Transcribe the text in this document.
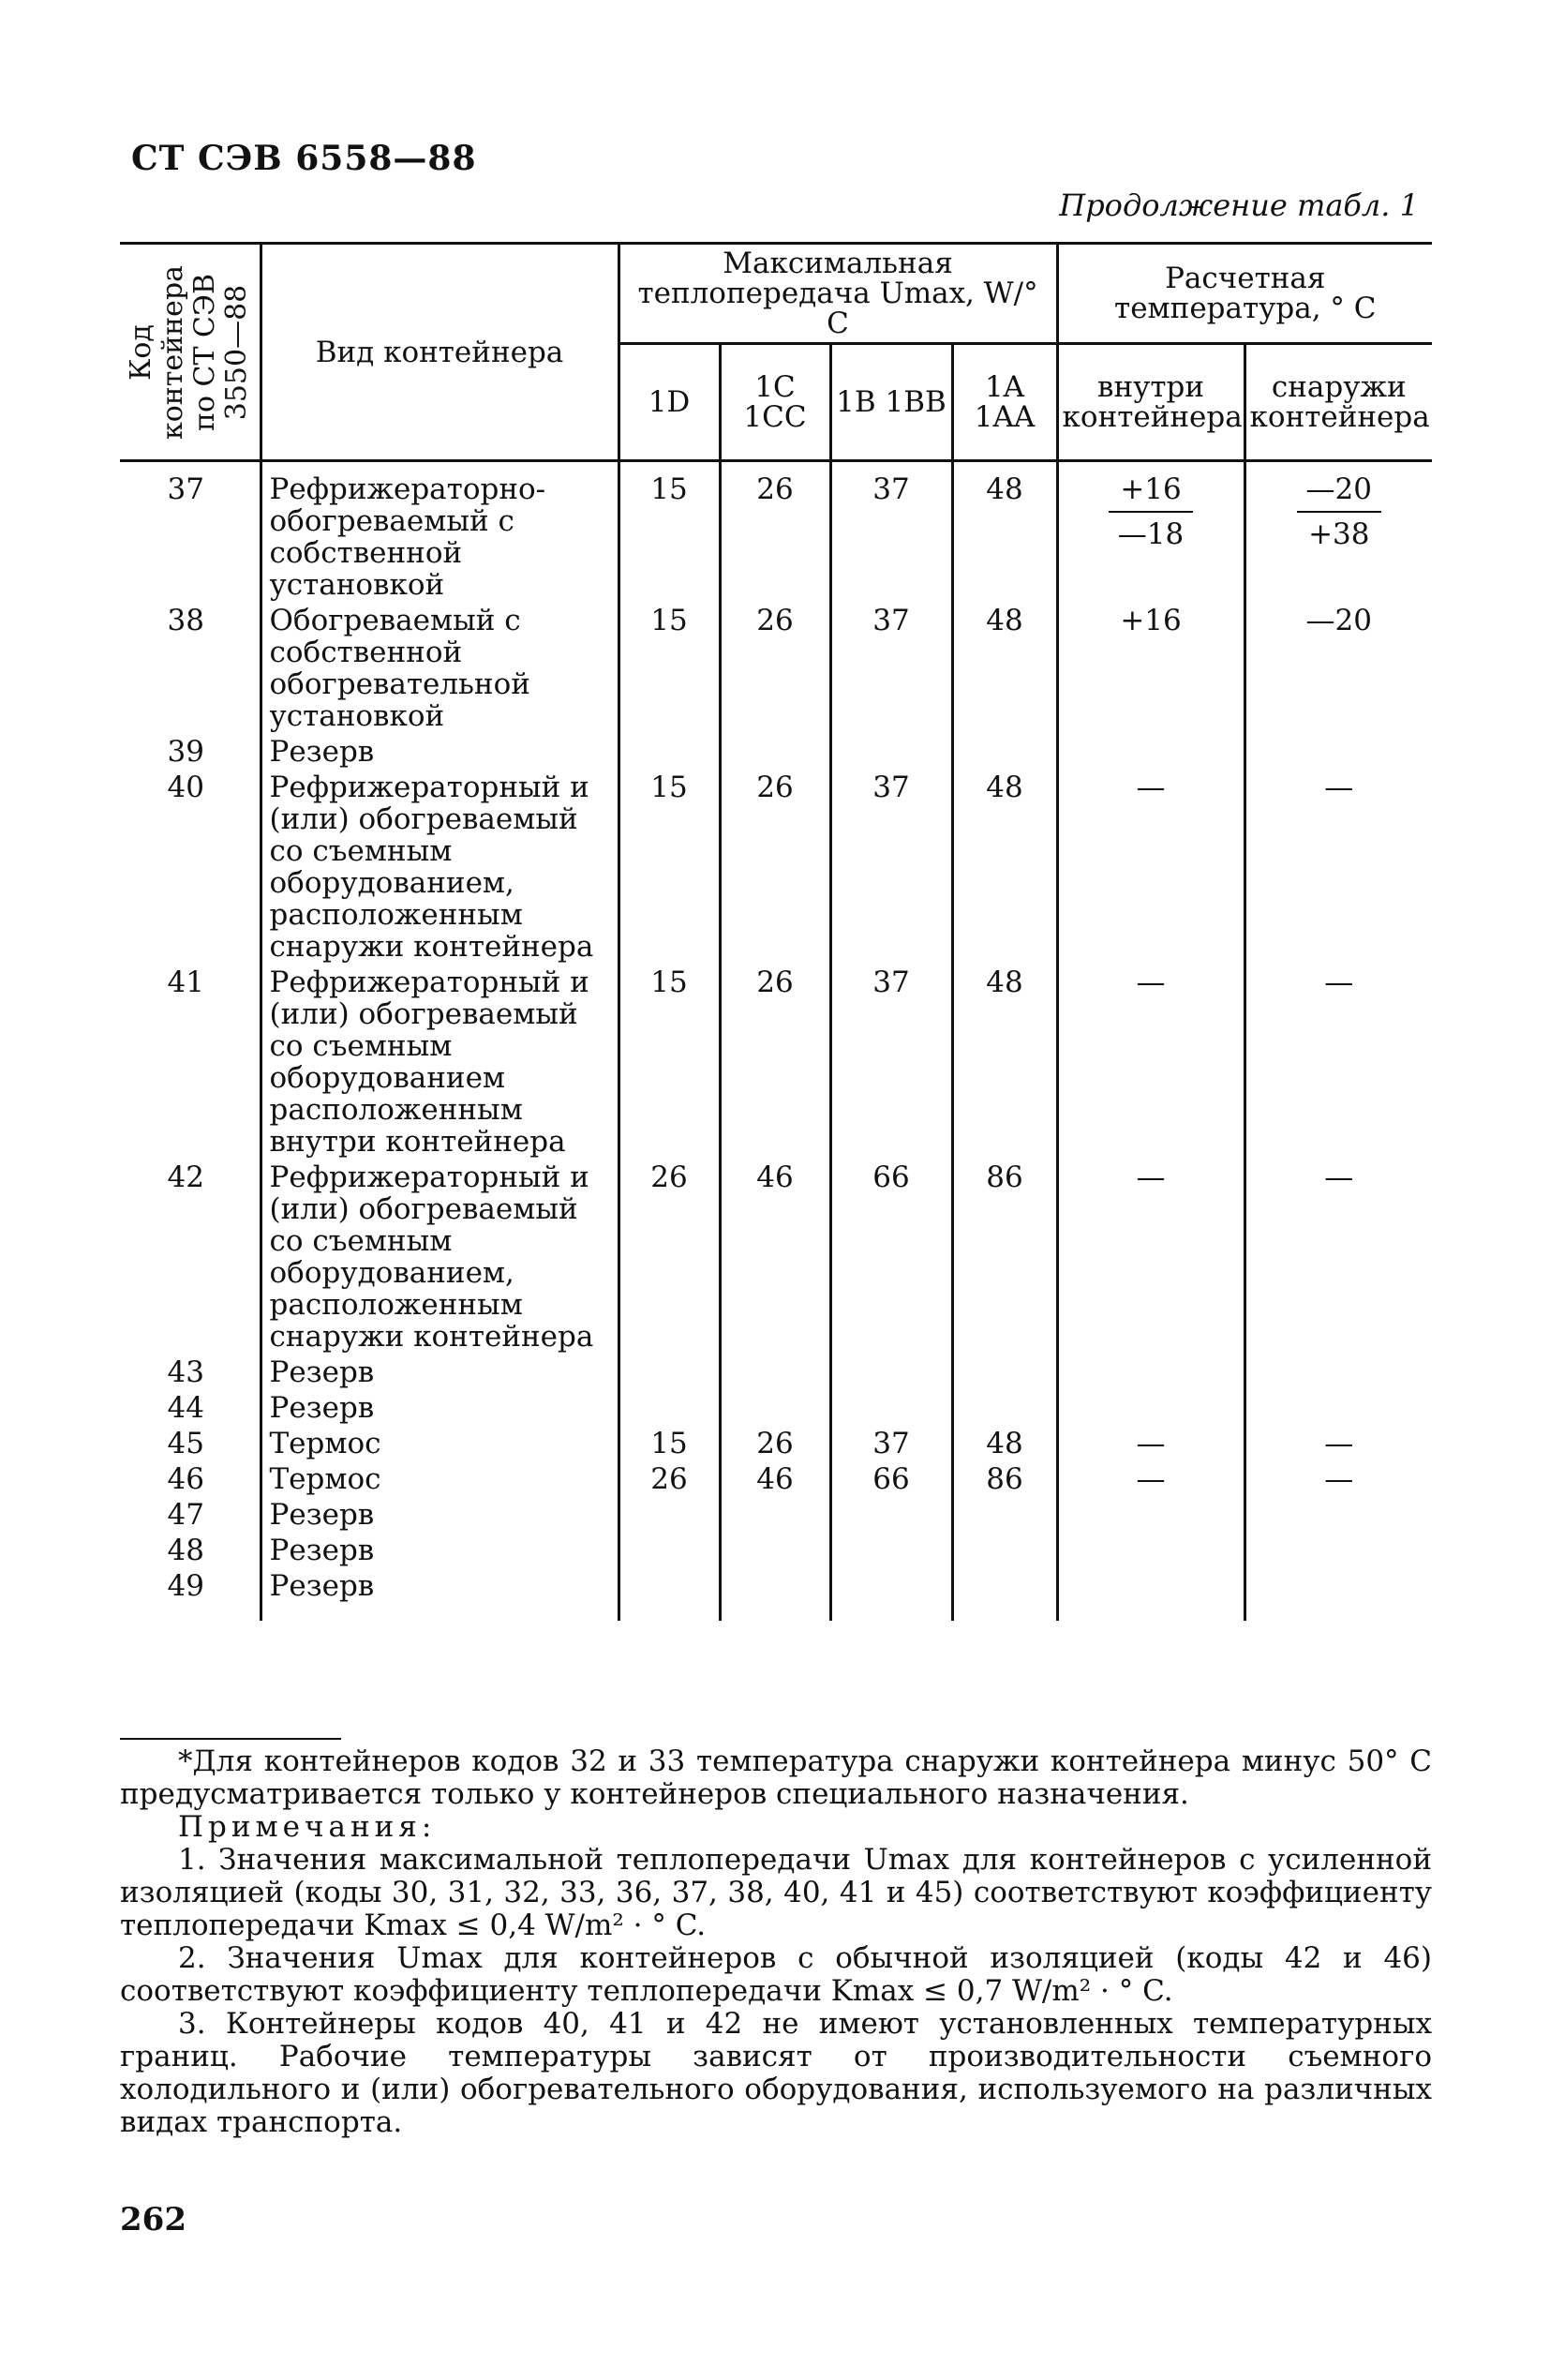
СТ СЭВ 6558—88
Продолжение табл. 1
Код контейнера по СТ СЭВ 3550—88	Вид контейнера	Максимальная теплопередача Umax, W/° C				Расчетная температура, ° C	
		1D	1C 1CC	1B 1BB	1A 1AA	внутри контейнера	снаружи контейнера
37	Рефрижераторно-обогреваемый с собственной установкой	15	26	37	48	$\frac{+16}{—18}$	$\frac{—20}{+38}$

38	Обогреваемый с собственной обогревательной установкой	15	26	37	48	+16	—20
39	Резерв						
40	Рефрижераторный и (или) обогреваемый со съемным оборудованием, расположенным снаружи контейнера	15	26	37	48	—	—
41	Рефрижераторный и (или) обогреваемый со съемным оборудованием расположенным внутри контейнера	15	26	37	48	—	—
42	Рефрижераторный и (или) обогреваемый со съемным оборудованием, расположенным снаружи контейнера	26	46	66	86	—	—
43	Резерв						
44	Резерв						
45	Термос	15	26	37	48	—	—
46	Термос	26	46	66	86	—	—
47	Резерв						
48	Резерв						
49	Резерв						

*Для контейнеров кодов 32 и 33 температура снаружи контейнера минус 50° C предусматривается только у контейнеров специального назначения.

Примечания:

1. Значения максимальной теплопередачи Umax для контейнеров с усиленной изоляцией (коды 30, 31, 32, 33, 36, 37, 38, 40, 41 и 45) соответствуют коэффициенту теплопередачи Kmax ≤ 0,4 W/m² · ° C.

2. Значения Umax для контейнеров с обычной изоляцией (коды 42 и 46) соответствуют коэффициенту теплопередачи Kmax ≤ 0,7 W/m² · ° C.

3. Контейнеры кодов 40, 41 и 42 не имеют установленных температурных границ. Рабочие температуры зависят от производительности съемного холодильного и (или) обогревательного оборудования, используемого на различных видах транспорта.

262
